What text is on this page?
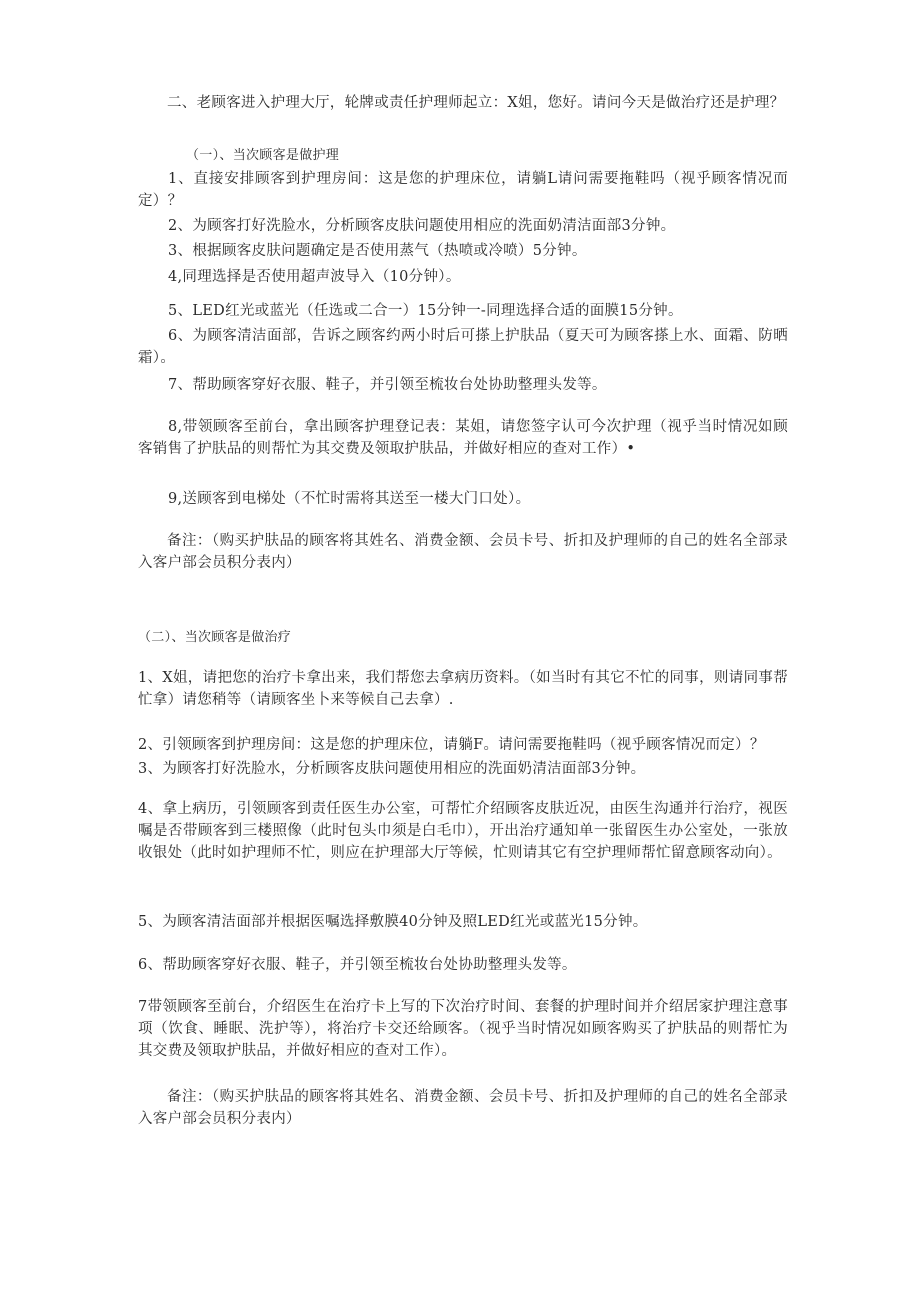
二、老顾客进入护理大厅，轮牌或责任护理师起立：X姐，您好。请问今天是做治疗还是护理？

（一）、当次顾客是做护理

1、直接安排顾客到护理房间：这是您的护理床位，请躺L请问需要拖鞋吗（视乎顾客情况而定）？

2、为顾客打好洗脸水，分析顾客皮肤问题使用相应的洗面奶清洁面部3分钟。

3、根据顾客皮肤问题确定是否使用蒸气（热喷或冷喷）5分钟。

4,同理选择是否使用超声波导入（10分钟）。

5、LED红光或蓝光（任选或二合一）15分钟一-同理选择合适的面膜15分钟。

6、为顾客清洁面部，告诉之顾客约两小时后可搽上护肤品（夏天可为顾客搽上水、面霜、防晒霜）。

7、帮助顾客穿好衣服、鞋子，并引领至梳妆台处协助整理头发等。

8,带领顾客至前台，拿出顾客护理登记表：某姐，请您签字认可今次护理（视乎当时情况如顾客销售了护肤品的则帮忙为其交费及领取护肤品，并做好相应的查对工作）•

9,送顾客到电梯处（不忙时需将其送至一楼大门口处）。

备注：（购买护肤品的顾客将其姓名、消费金额、会员卡号、折扣及护理师的自己的姓名全部录入客户部会员积分表内）

（二）、当次顾客是做治疗

1、X姐，请把您的治疗卡拿出来，我们帮您去拿病历资料。（如当时有其它不忙的同事，则请同事帮忙拿）请您稍等（请顾客坐卜来等候自己去拿）.

2、引领顾客到护理房间：这是您的护理床位，请躺F。请问需要拖鞋吗（视乎顾客情况而定）？

3、为顾客打好洗脸水，分析顾客皮肤问题使用相应的洗面奶清洁面部3分钟。

4、拿上病历，引领顾客到责任医生办公室，可帮忙介绍顾客皮肤近况，由医生沟通并行治疗，视医嘱是否带顾客到三楼照像（此时包头巾须是白毛巾），开出治疗通知单一张留医生办公室处，一张放收银处（此时如护理师不忙，则应在护理部大厅等候，忙则请其它有空护理师帮忙留意顾客动向）。

5、为顾客清洁面部并根据医嘱选择敷膜40分钟及照LED红光或蓝光15分钟。

6、帮助顾客穿好衣服、鞋子，并引领至梳妆台处协助整理头发等。

7带领顾客至前台，介绍医生在治疗卡上写的下次治疗时间、套餐的护理时间并介绍居家护理注意事项（饮食、睡眠、洗护等），将治疗卡交还给顾客。（视乎当时情况如顾客购买了护肤品的则帮忙为其交费及领取护肤品，并做好相应的查对工作）。

备注：（购买护肤品的顾客将其姓名、消费金额、会员卡号、折扣及护理师的自己的姓名全部录入客户部会员积分表内）
